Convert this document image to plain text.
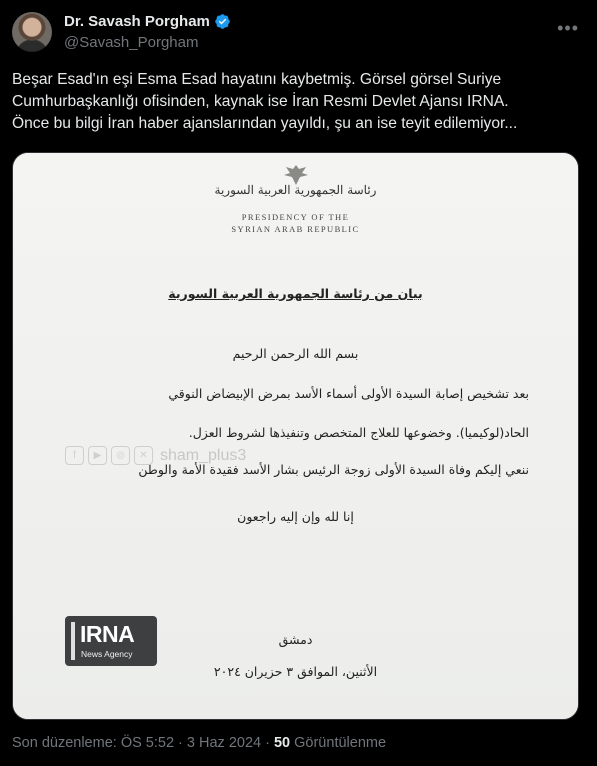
Dr. Savash Porgham
@Savash_Porgham
•••
Beşar Esad'ın eşi Esma Esad hayatını kaybetmiş. Görsel görsel Suriye
Cumhurbaşkanlığı ofisinden, kaynak ise İran Resmi Devlet Ajansı IRNA.
Önce bu bilgi İran haber ajanslarından yayıldı, şu an ise teyit edilemiyor...
رئاسة الجمهورية العربية السورية
PRESIDENCY OF THE
SYRIAN ARAB REPUBLIC
بيان من رئاسة الجمهورية العربية السورية
بسم الله الرحمن الرحيم
بعد تشخيص إصابة السيدة الأولى أسماء الأسد بمرض الإبيضاض النوقي
الحاد(لوكيميا). وخضوعها للعلاج المتخصص وتنفيذها لشروط العزل.
ننعي إليكم وفاة السيدة الأولى زوجة الرئيس بشار الأسد فقيدة الأمة والوطن
إنا لله وإن إليه راجعون
f	▶	◎	✕ sham_plus3
IRNA
News Agency
دمشق
الأثنين، الموافق ٣ حزيران ٢٠٢٤
Son düzenleme: ÖS 5:52 · 3 Haz 2024 · 50 Görüntülenme
